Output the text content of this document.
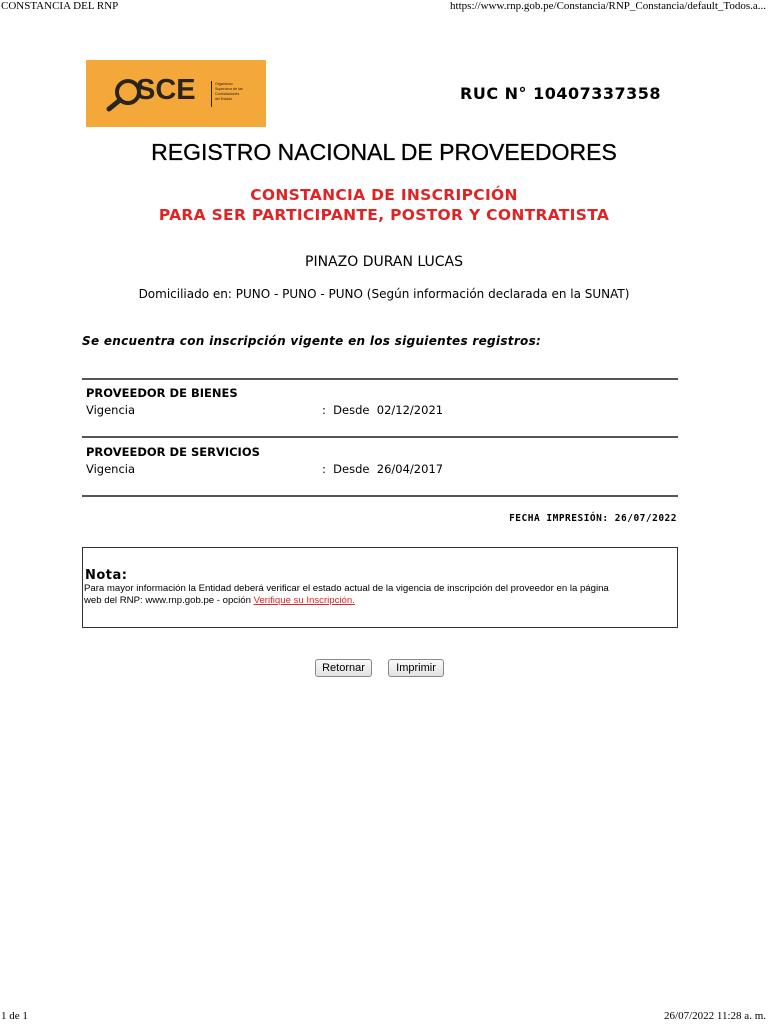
CONSTANCIA DEL RNP	https://www.rnp.gob.pe/Constancia/RNP_Constancia/default_Todos.a...
SCE	Organismo
Supervisor de las
Contrataciones
del Estado	RUC N° 10407337358
REGISTRO NACIONAL DE PROVEEDORES
CONSTANCIA DE INSCRIPCIÓN
PARA SER PARTICIPANTE, POSTOR Y CONTRATISTA
PINAZO DURAN LUCAS
Domiciliado en: PUNO - PUNO - PUNO (Según información declarada en la SUNAT)
Se encuentra con inscripción vigente en los siguientes registros:
PROVEEDOR DE BIENES
Vigencia	:  Desde  02/12/2021
PROVEEDOR DE SERVICIOS
Vigencia	:  Desde  26/04/2017
FECHA IMPRESIÓN: 26/07/2022
Nota:
Para mayor información la Entidad deberá verificar el estado actual de la vigencia de inscripción del proveedor en la página
web del RNP: www.rnp.gob.pe - opción Verifique su Inscripción.
Retornar	Imprimir
1 de 1	26/07/2022 11:28 a. m.
